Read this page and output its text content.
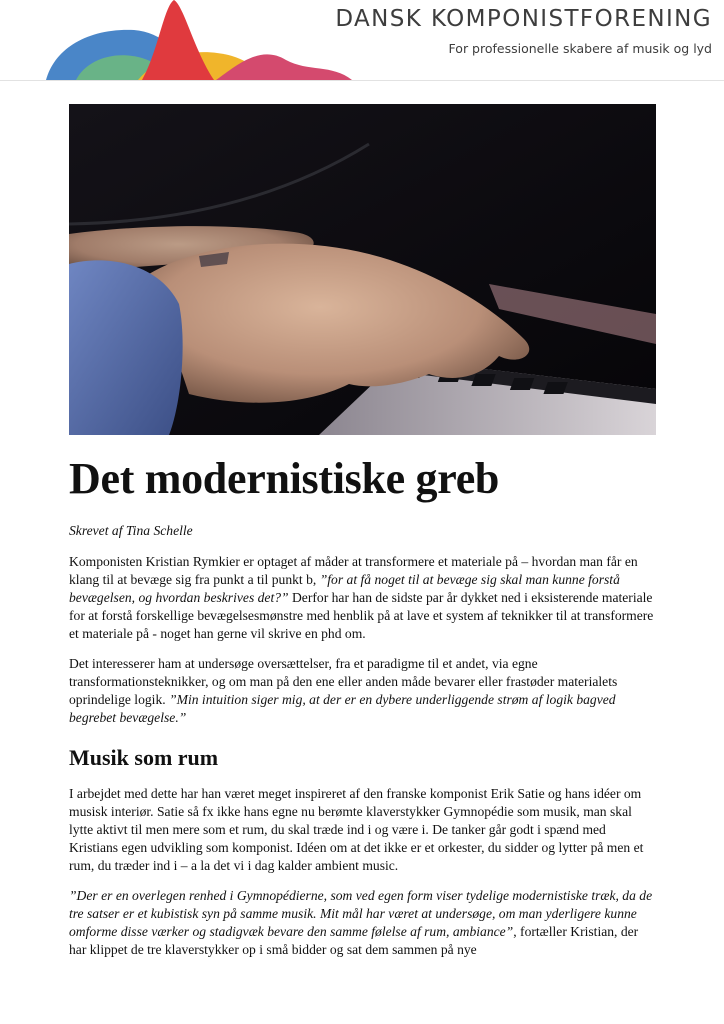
DANSK KOMPONISTFORENING
For professionelle skabere af musik og lyd
Det modernistiske greb
Skrevet af Tina Schelle

Komponisten Kristian Rymkier er optaget af måder at transformere et materiale på – hvordan man får en klang til at bevæge sig fra punkt a til punkt b, ”for at få noget til at bevæge sig skal man kunne forstå bevægelsen, og hvordan beskrives det?” Derfor har han de sidste par år dykket ned i eksisterende materiale for at forstå forskellige bevægelsesmønstre med henblik på at lave et system af teknikker til at transformere et materiale på - noget han gerne vil skrive en phd om.

Det interesserer ham at undersøge oversættelser, fra et paradigme til et andet, via egne transformationsteknikker, og om man på den ene eller anden måde bevarer eller frastøder materialets oprindelige logik. ”Min intuition siger mig, at der er en dybere underliggende strøm af logik bagved begrebet bevægelse.”

Musik som rum

I arbejdet med dette har han været meget inspireret af den franske komponist Erik Satie og hans idéer om musisk interiør. Satie så fx ikke hans egne nu berømte klaverstykker Gymnopédie som musik, man skal lytte aktivt til men mere som et rum, du skal træde ind i og være i. De tanker går godt i spænd med Kristians egen udvikling som komponist. Idéen om at det ikke er et orkester, du sidder og lytter på men et rum, du træder ind i – a la det vi i dag kalder ambient music.

”Der er en overlegen renhed i Gymnopédierne, som ved egen form viser tydelige modernistiske træk, da de tre satser er et kubistisk syn på samme musik. Mit mål har været at undersøge, om man yderligere kunne omforme disse værker og stadigvæk bevare den samme følelse af rum, ambiance”, fortæller Kristian, der har klippet de tre klaverstykker op i små bidder og sat dem sammen på nye
